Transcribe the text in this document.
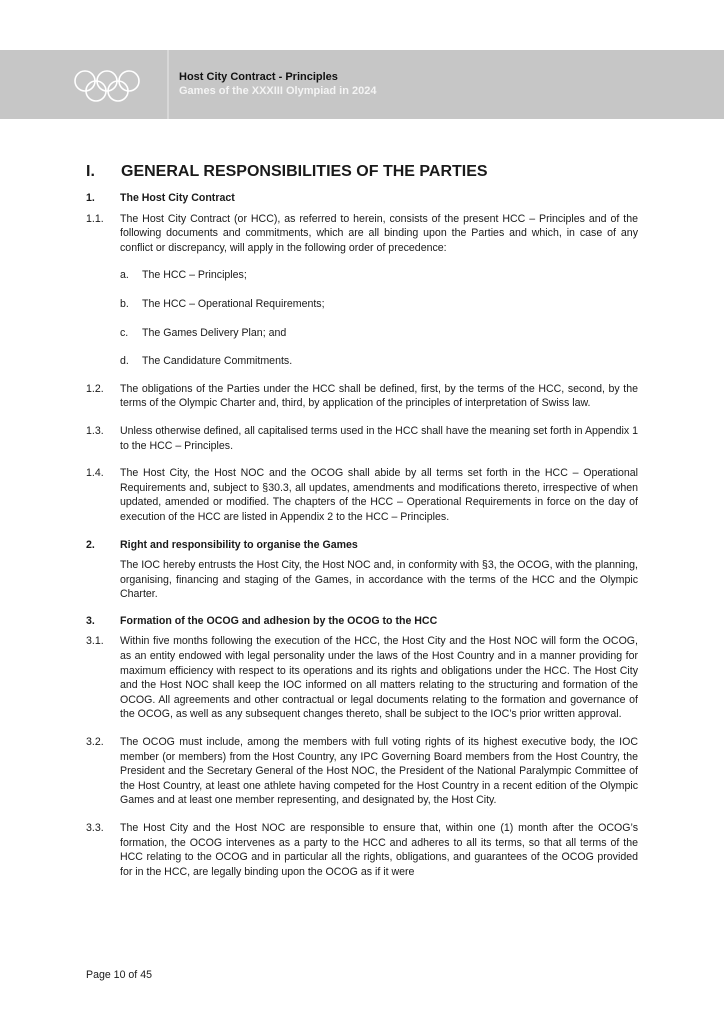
Host City Contract - Principles
Games of the XXXIII Olympiad in 2024
I.	GENERAL RESPONSIBILITIES OF THE PARTIES
1.	The Host City Contract
1.1.	The Host City Contract (or HCC), as referred to herein, consists of the present HCC – Principles and of the following documents and commitments, which are all binding upon the Parties and which, in case of any conflict or discrepancy, will apply in the following order of precedence:
a.	The HCC – Principles;
b.	The HCC – Operational Requirements;
c.	The Games Delivery Plan; and
d.	The Candidature Commitments.
1.2.	The obligations of the Parties under the HCC shall be defined, first, by the terms of the HCC, second, by the terms of the Olympic Charter and, third, by application of the principles of interpretation of Swiss law.
1.3.	Unless otherwise defined, all capitalised terms used in the HCC shall have the meaning set forth in Appendix 1 to the HCC – Principles.
1.4.	The Host City, the Host NOC and the OCOG shall abide by all terms set forth in the HCC – Operational Requirements and, subject to §30.3, all updates, amendments and modifications thereto, irrespective of when updated, amended or modified. The chapters of the HCC – Operational Requirements in force on the day of execution of the HCC are listed in Appendix 2 to the HCC – Principles.
2.	Right and responsibility to organise the Games
The IOC hereby entrusts the Host City, the Host NOC and, in conformity with §3, the OCOG, with the planning, organising, financing and staging of the Games, in accordance with the terms of the HCC and the Olympic Charter.
3.	Formation of the OCOG and adhesion by the OCOG to the HCC
3.1.	Within five months following the execution of the HCC, the Host City and the Host NOC will form the OCOG, as an entity endowed with legal personality under the laws of the Host Country and in a manner providing for maximum efficiency with respect to its operations and its rights and obligations under the HCC. The Host City and the Host NOC shall keep the IOC informed on all matters relating to the structuring and formation of the OCOG. All agreements and other contractual or legal documents relating to the formation and governance of the OCOG, as well as any subsequent changes thereto, shall be subject to the IOC’s prior written approval.
3.2.	The OCOG must include, among the members with full voting rights of its highest executive body, the IOC member (or members) from the Host Country, any IPC Governing Board members from the Host Country, the President and the Secretary General of the Host NOC, the President of the National Paralympic Committee of the Host Country, at least one athlete having competed for the Host Country in a recent edition of the Olympic Games and at least one member representing, and designated by, the Host City.
3.3.	The Host City and the Host NOC are responsible to ensure that, within one (1) month after the OCOG’s formation, the OCOG intervenes as a party to the HCC and adheres to all its terms, so that all terms of the HCC relating to the OCOG and in particular all the rights, obligations, and guarantees of the OCOG provided for in the HCC, are legally binding upon the OCOG as if it were
Page 10 of 45
